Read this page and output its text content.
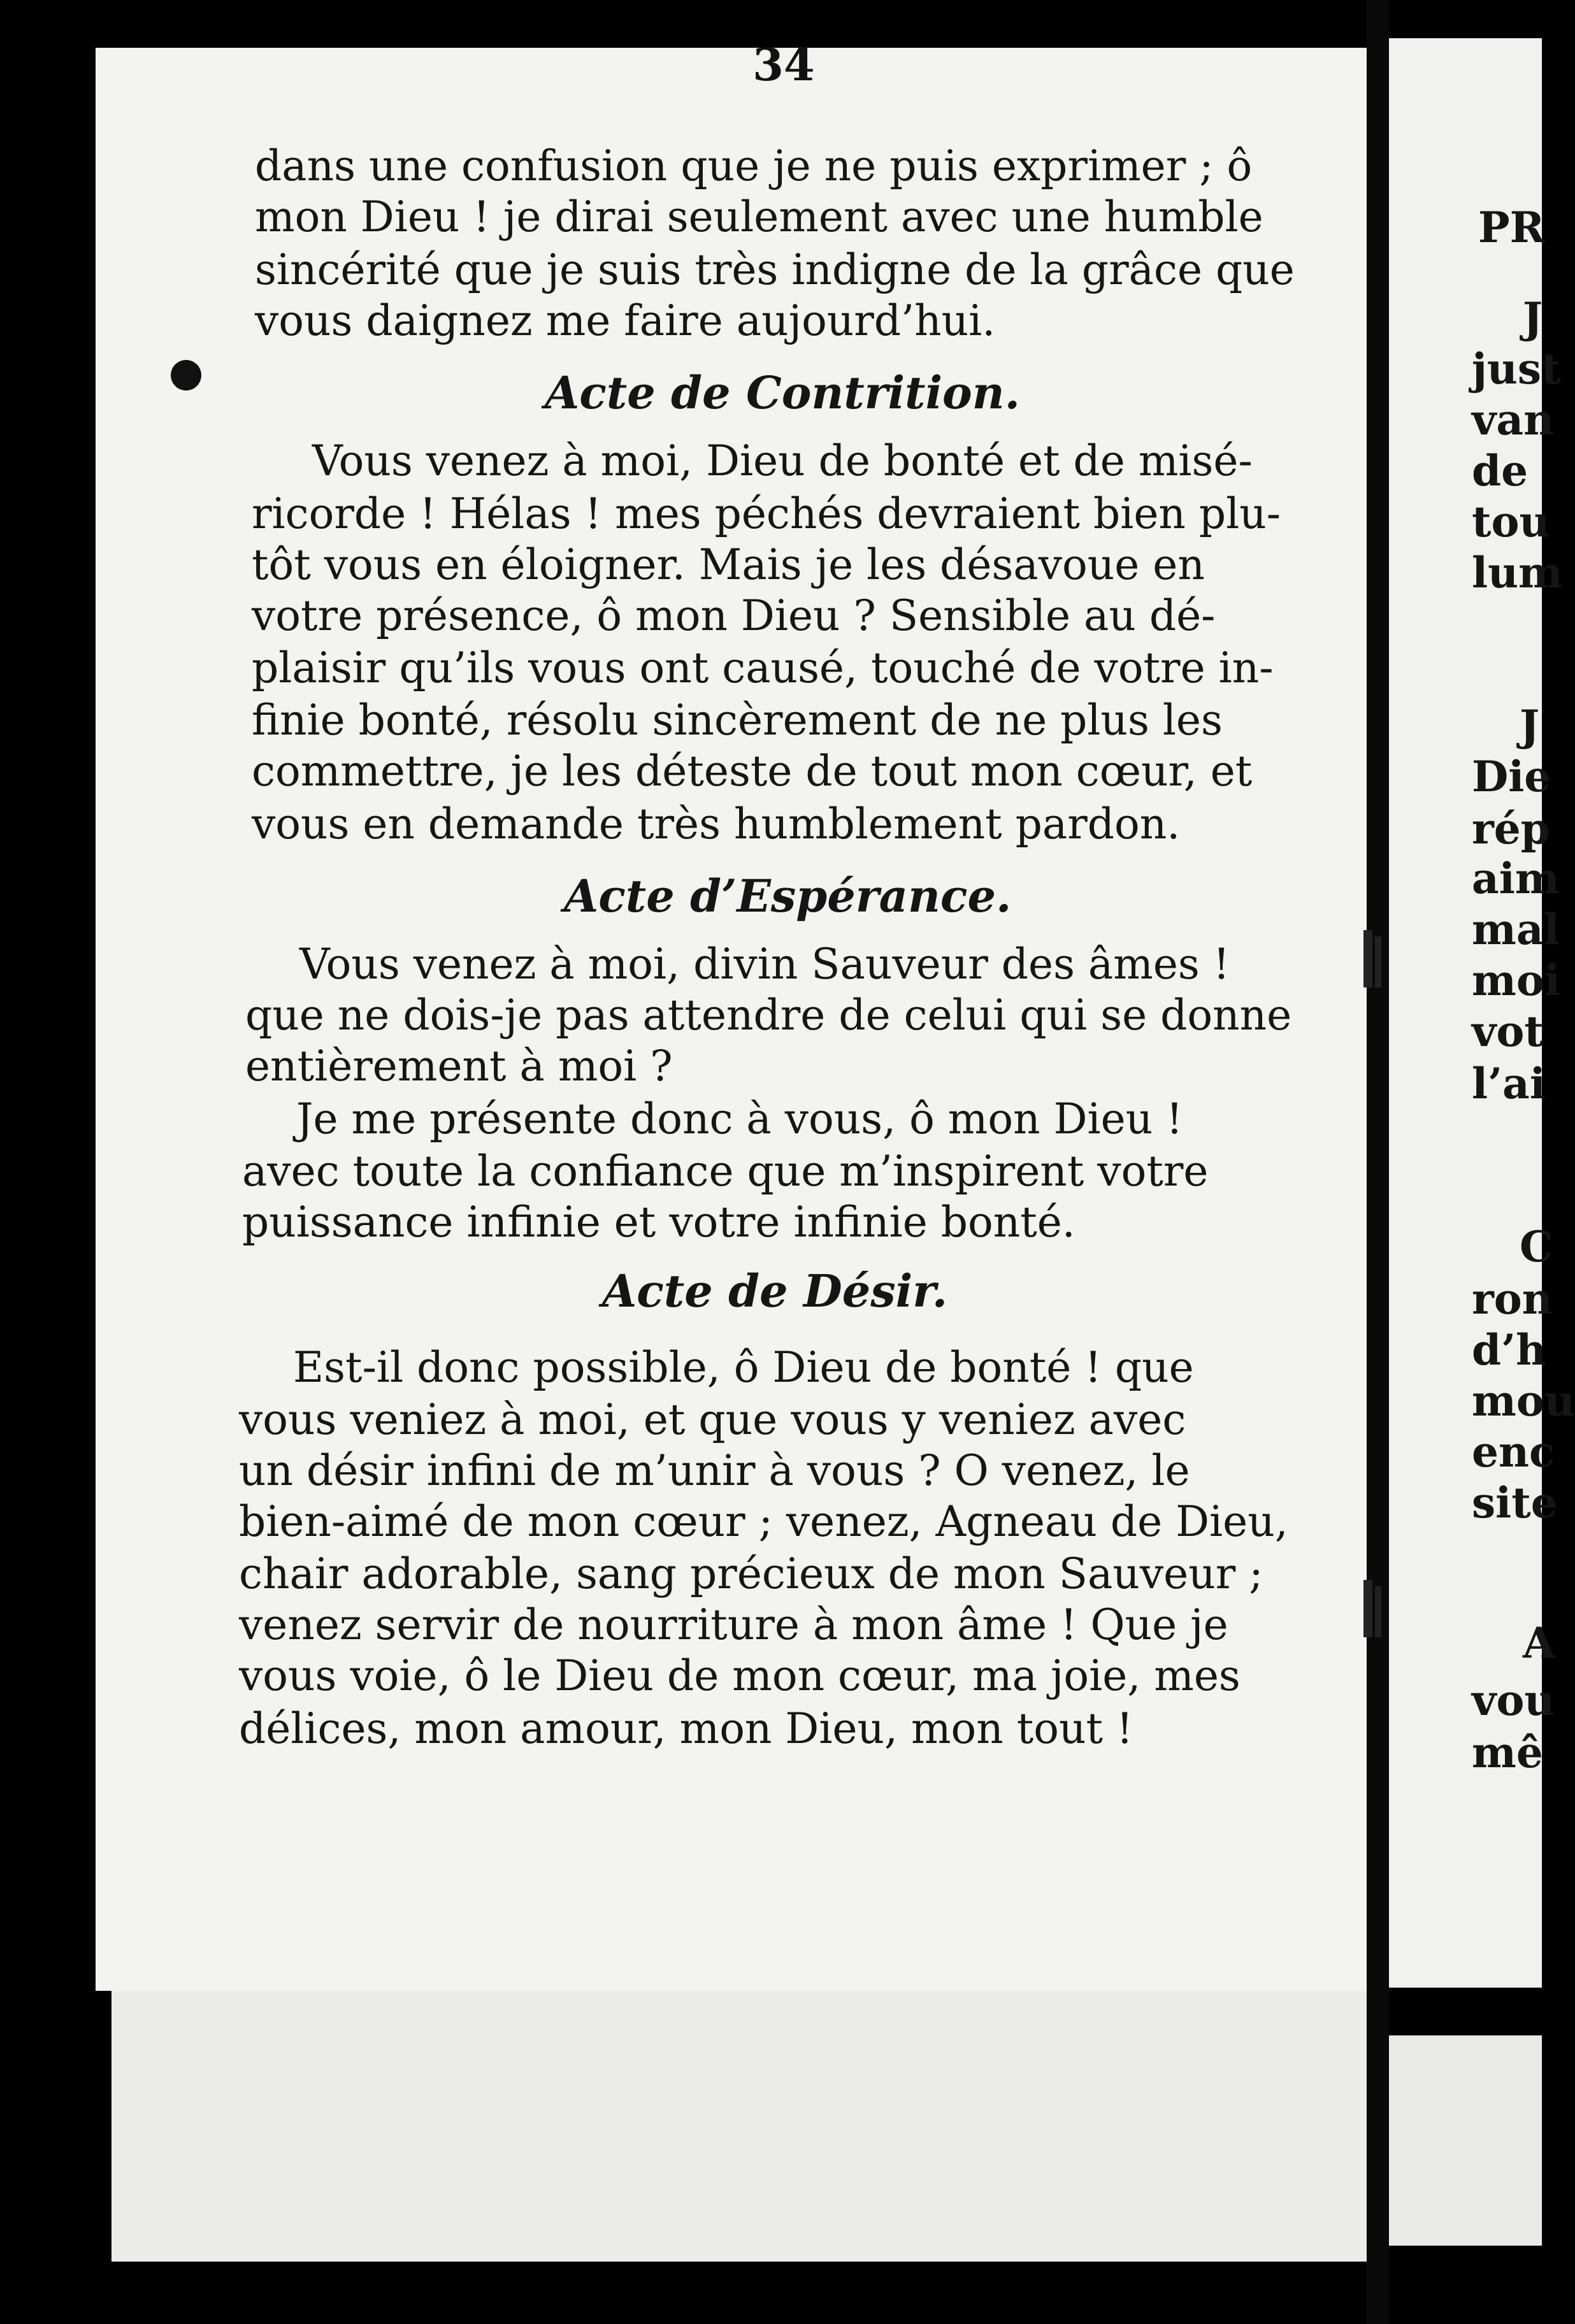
34
dans une confusion que je ne puis exprimer ; ô
mon Dieu ! je dirai seulement avec une humble
sincérité que je suis très indigne de la grâce que
vous daignez me faire aujourd’hui.
Acte de Contrition.
Vous venez à moi, Dieu de bonté et de misé-
ricorde ! Hélas ! mes péchés devraient bien plu-
tôt vous en éloigner. Mais je les désavoue en
votre présence, ô mon Dieu ? Sensible au dé-
plaisir qu’ils vous ont causé, touché de votre in-
finie bonté, résolu sincèrement de ne plus les
commettre, je les déteste de tout mon cœur, et
vous en demande très humblement pardon.
Acte d’Espérance.
Vous venez à moi, divin Sauveur des âmes !
que ne dois-je pas attendre de celui qui se donne
entièrement à moi ?
Je me présente donc à vous, ô mon Dieu !
avec toute la confiance que m’inspirent votre
puissance infinie et votre infinie bonté.
Acte de Désir.
Est-il donc possible, ô Dieu de bonté ! que
vous veniez à moi, et que vous y veniez avec
un désir infini de m’unir à vous ? O venez, le
bien-aimé de mon cœur ; venez, Agneau de Dieu,
chair adorable, sang précieux de mon Sauveur ;
venez servir de nourriture à mon âme ! Que je
vous voie, ô le Dieu de mon cœur, ma joie, mes
délices, mon amour, mon Dieu, mon tout !
PR
J
just
van
de
tou
lum
J
Die
rép
aim
mal
moi
vot
l’ai
C
ron
d’h
mou
enc
site
A
vou
mê
